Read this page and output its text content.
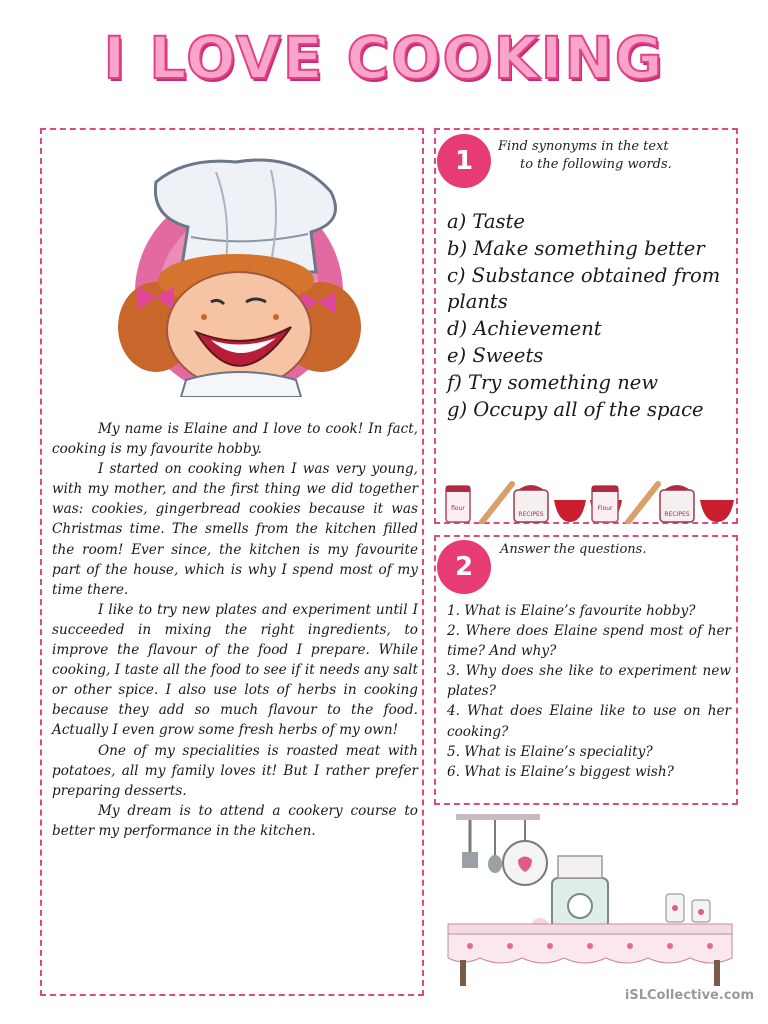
I LOVE COOKING

My name is Elaine and I love to cook! In fact, cooking is my favourite hobby.

I started on cooking when I was very young, with my mother, and the first thing we did together was: cookies, gingerbread cookies because it was Christmas time. The smells from the kitchen filled the room! Ever since, the kitchen is my favourite part of the house, which is why I spend most of my time there.

I like to try new plates and experiment until I succeeded in mixing the right ingredients, to improve the flavour of the food I prepare. While cooking, I taste all the food to see if it needs any salt or other spice. I also use lots of herbs in cooking because they add so much flavour to the food. Actually I even grow some fresh herbs of my own!

One of my specialities is roasted meat with potatoes, all my family loves it! But I rather prefer preparing desserts.

My dream is to attend a cookery course to better my performance in the kitchen.

1	Find synonyms in the text
to the following words.
a) Taste
b) Make something better
c) Substance obtained from plants
d) Achievement
e) Sweets
f) Try something new
g) Occupy all of the space
flour
RECIPES
Flour
RECIPES
2
Answer the questions.
1. What is Elaine’s favourite hobby?
2. Where does Elaine spend most of her time? And why?
3. Why does she like to experiment new plates?
4. What does Elaine like to use on her cooking?
5. What is Elaine’s speciality?
6. What is Elaine’s biggest wish?
iSLCollective.com
